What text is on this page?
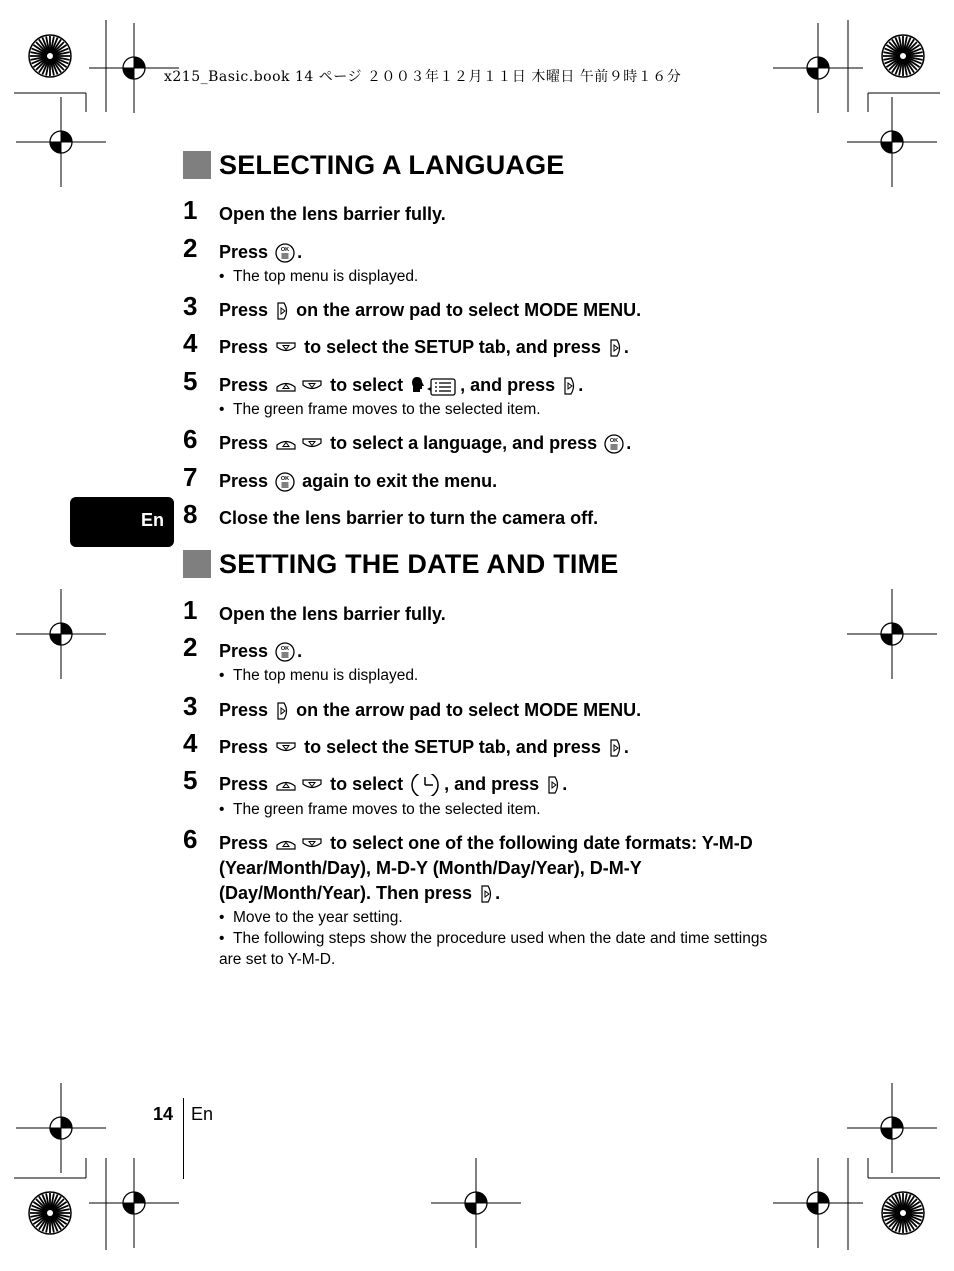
x215_Basic.book 14 ページ ２００３年１２月１１日 木曜日 午前９時１６分
SELECTING A LANGUAGE
1	Open the lens barrier fully.
2	Press .
• The top menu is displayed.
3	Press on the arrow pad to select MODE MENU.
4	Press to select the SETUP tab, and press .
5	Press	to select	, and press .
• The green frame moves to the selected item.
6	Press	to select a language, and press .
7	Press again to exit the menu.
8	Close the lens barrier to turn the camera off.
En
SETTING THE DATE AND TIME
1	Open the lens barrier fully.
2	Press .
• The top menu is displayed.
3	Press on the arrow pad to select MODE MENU.
4	Press to select the SETUP tab, and press .
5	Press	to select , and press .
• The green frame moves to the selected item.
6	Press	to select one of the following date formats: Y-M-D (Year/Month/Day), M-D-Y (Month/Day/Year), D-M-Y (Day/Month/Year). Then press .
• Move to the year setting.
• The following steps show the procedure used when the date and time settings are set to Y-M-D.
14 En
